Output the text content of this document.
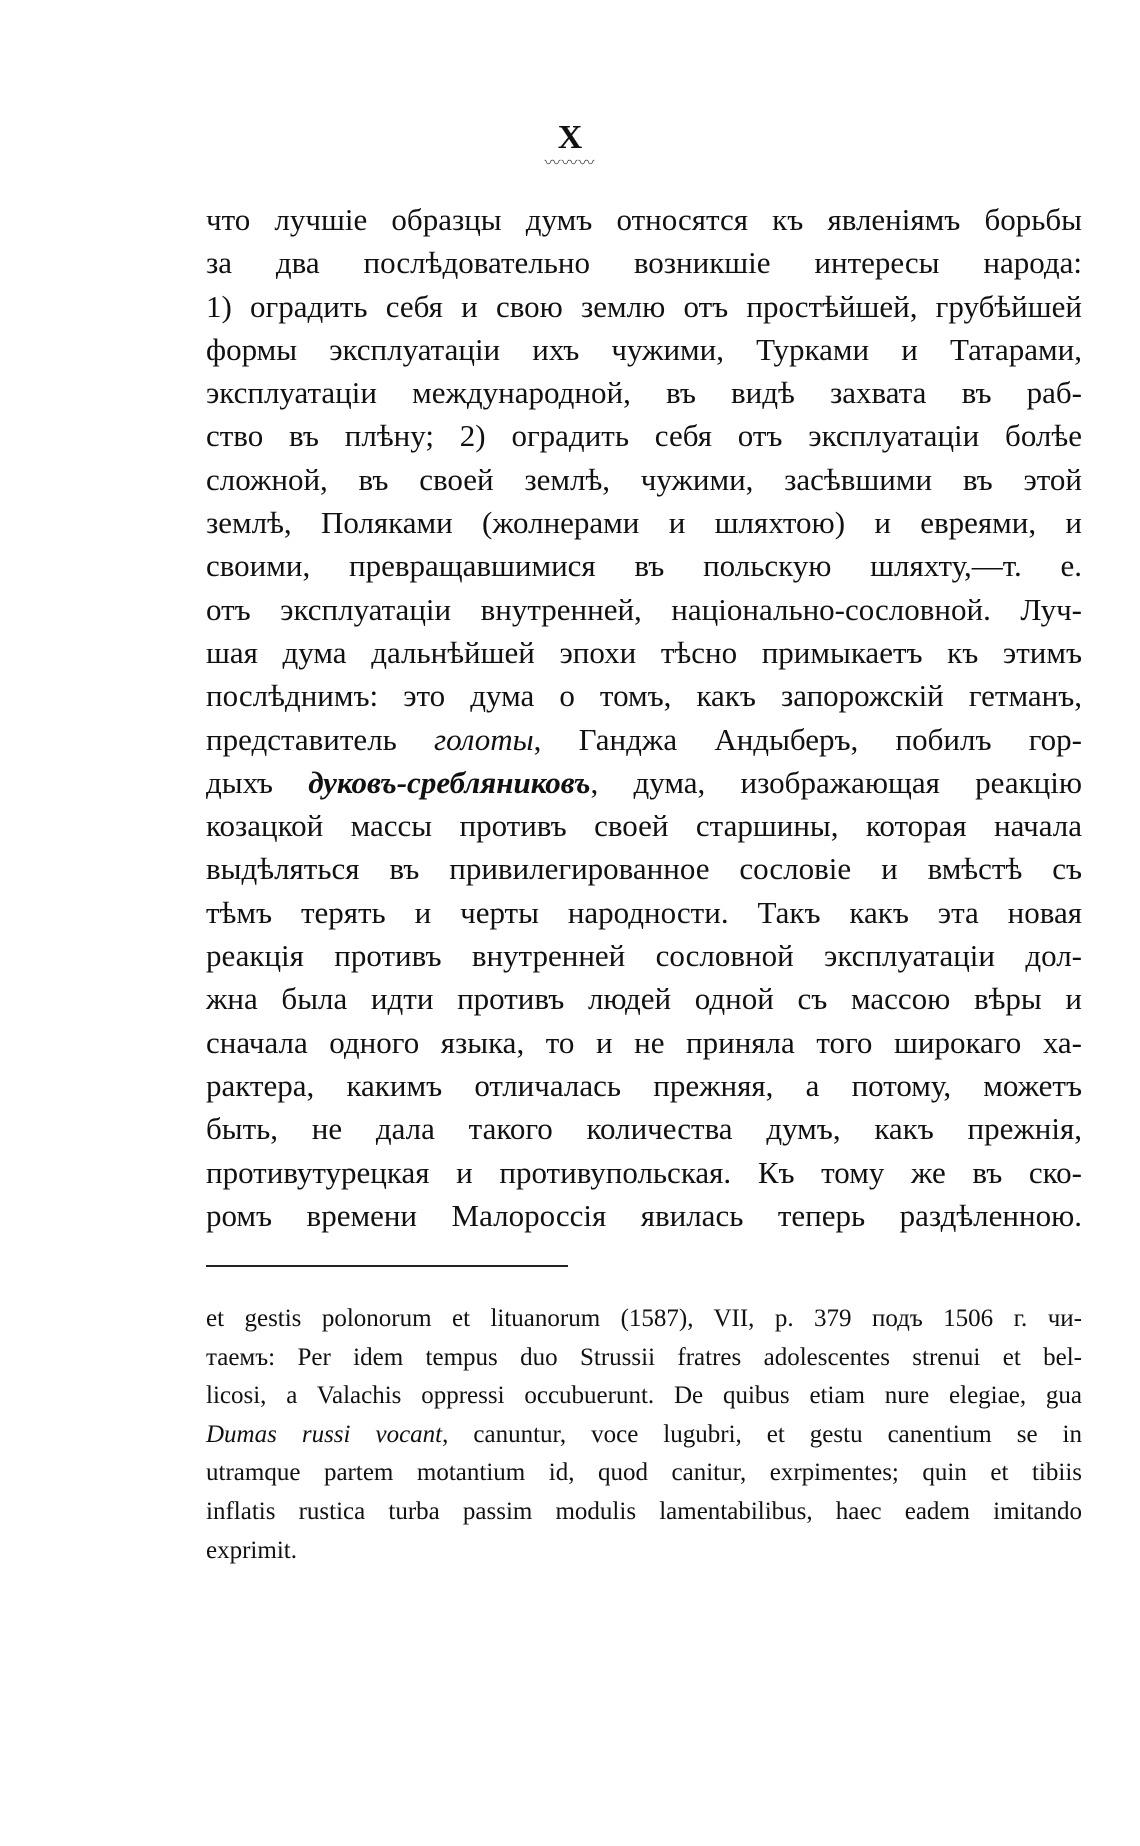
X
〰〰〰
что лучшіе образцы думъ относятся къ явленіямъ борьбы
за два послѣдовательно возникшіе интересы народа:
1) оградить себя и свою землю отъ простѣйшей, грубѣйшей
формы эксплуатаціи ихъ чужими, Турками и Татарами,
эксплуатаціи международной, въ видѣ захвата въ раб-
ство въ плѣну; 2) оградить себя отъ эксплуатаціи болѣе
сложной, въ своей землѣ, чужими, засѣвшими въ этой
землѣ, Поляками (жолнерами и шляхтою) и евреями, и
своими, превращавшимися въ польскую шляхту,—т. е.
отъ эксплуатаціи внутренней, національно-сословной. Луч-
шая дума дальнѣйшей эпохи тѣсно примыкаетъ къ этимъ
послѣднимъ: это дума о томъ, какъ запорожскій гетманъ,
представитель голоты, Ганджа Андыберъ, побилъ гор-
дыхъ дуковъ-сребляниковъ, дума, изображающая реакцію
козацкой массы противъ своей старшины, которая начала
выдѣляться въ привилегированное сословіе и вмѣстѣ съ
тѣмъ терять и черты народности. Такъ какъ эта новая
реакція противъ внутренней сословной эксплуатаціи дол-
жна была идти противъ людей одной съ массою вѣры и
сначала одного языка, то и не приняла того широкаго ха-
рактера, какимъ отличалась прежняя, а потому, можетъ
быть, не дала такого количества думъ, какъ прежнія,
противутурецкая и противупольская. Къ тому же въ ско-
ромъ времени Малороссія явилась теперь раздѣленною.
et gestis polonorum et lituanorum (1587), VII, p. 379 подъ 1506 г. чи-
таемъ: Per idem tempus duo Strussii fratres adolescentes strenui et bel-
licosi, a Valachis oppressi occubuerunt. De quibus etiam nure elegiae, gua
Dumas russi vocant, canuntur, voce lugubri, et gestu canentium se in
utramque partem motantium id, quod canitur, exrpimentes; quin et tibiis
inflatis rustica turba passim modulis lamentabilibus, haec eadem imitando
exprimit.
